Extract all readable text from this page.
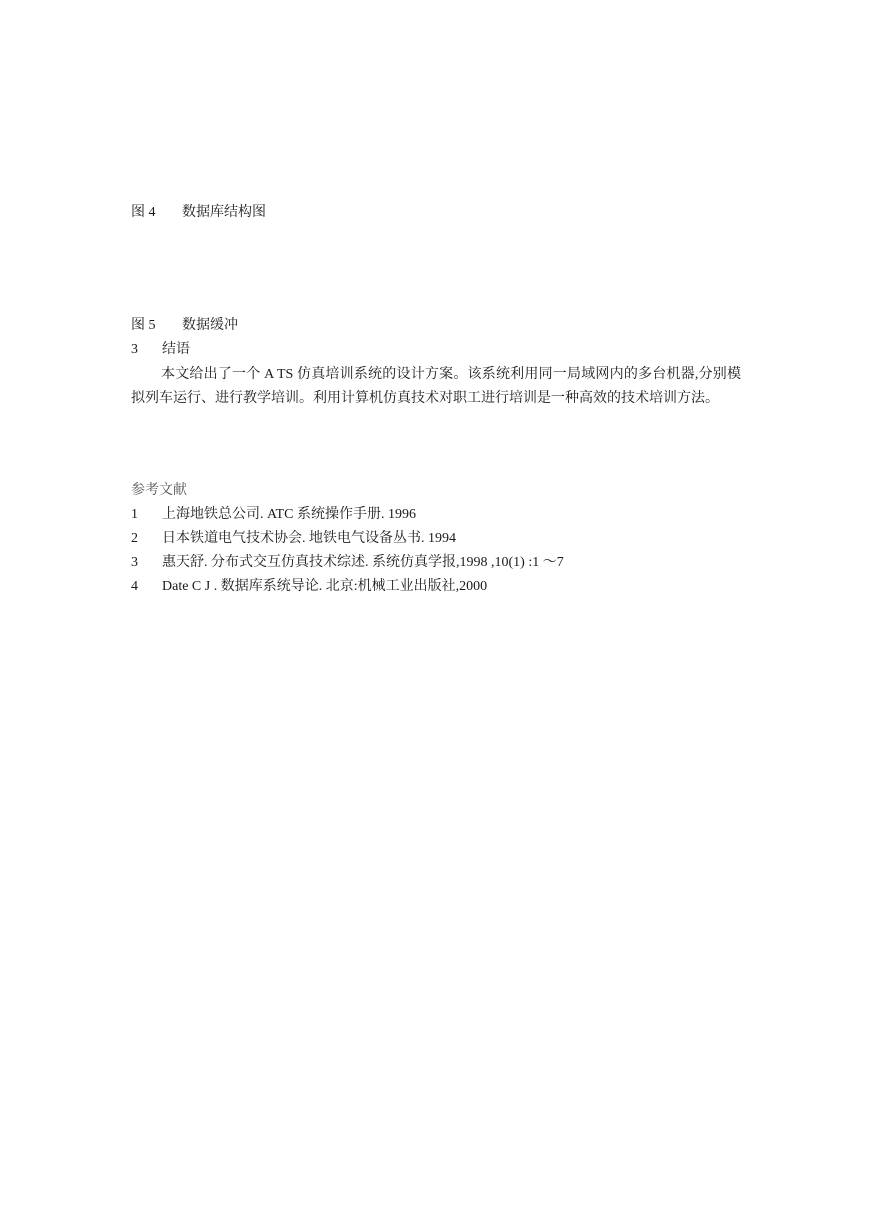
图 4 数据库结构图
图 5 数据缓冲
3 结语
本文给出了一个 A TS 仿真培训系统的设计方案。该系统利用同一局域网内的多台机器,分别模拟列车运行、进行教学培训。利用计算机仿真技术对职工进行培训是一种高效的技术培训方法。
参考文献
1 上海地铁总公司. ATC 系统操作手册. 1996
2 日本铁道电气技术协会. 地铁电气设备丛书. 1994
3 惠天舒. 分布式交互仿真技术综述. 系统仿真学报,1998 ,10(1) :1 ～7
4 Date C J . 数据库系统导论. 北京:机械工业出版社,2000
